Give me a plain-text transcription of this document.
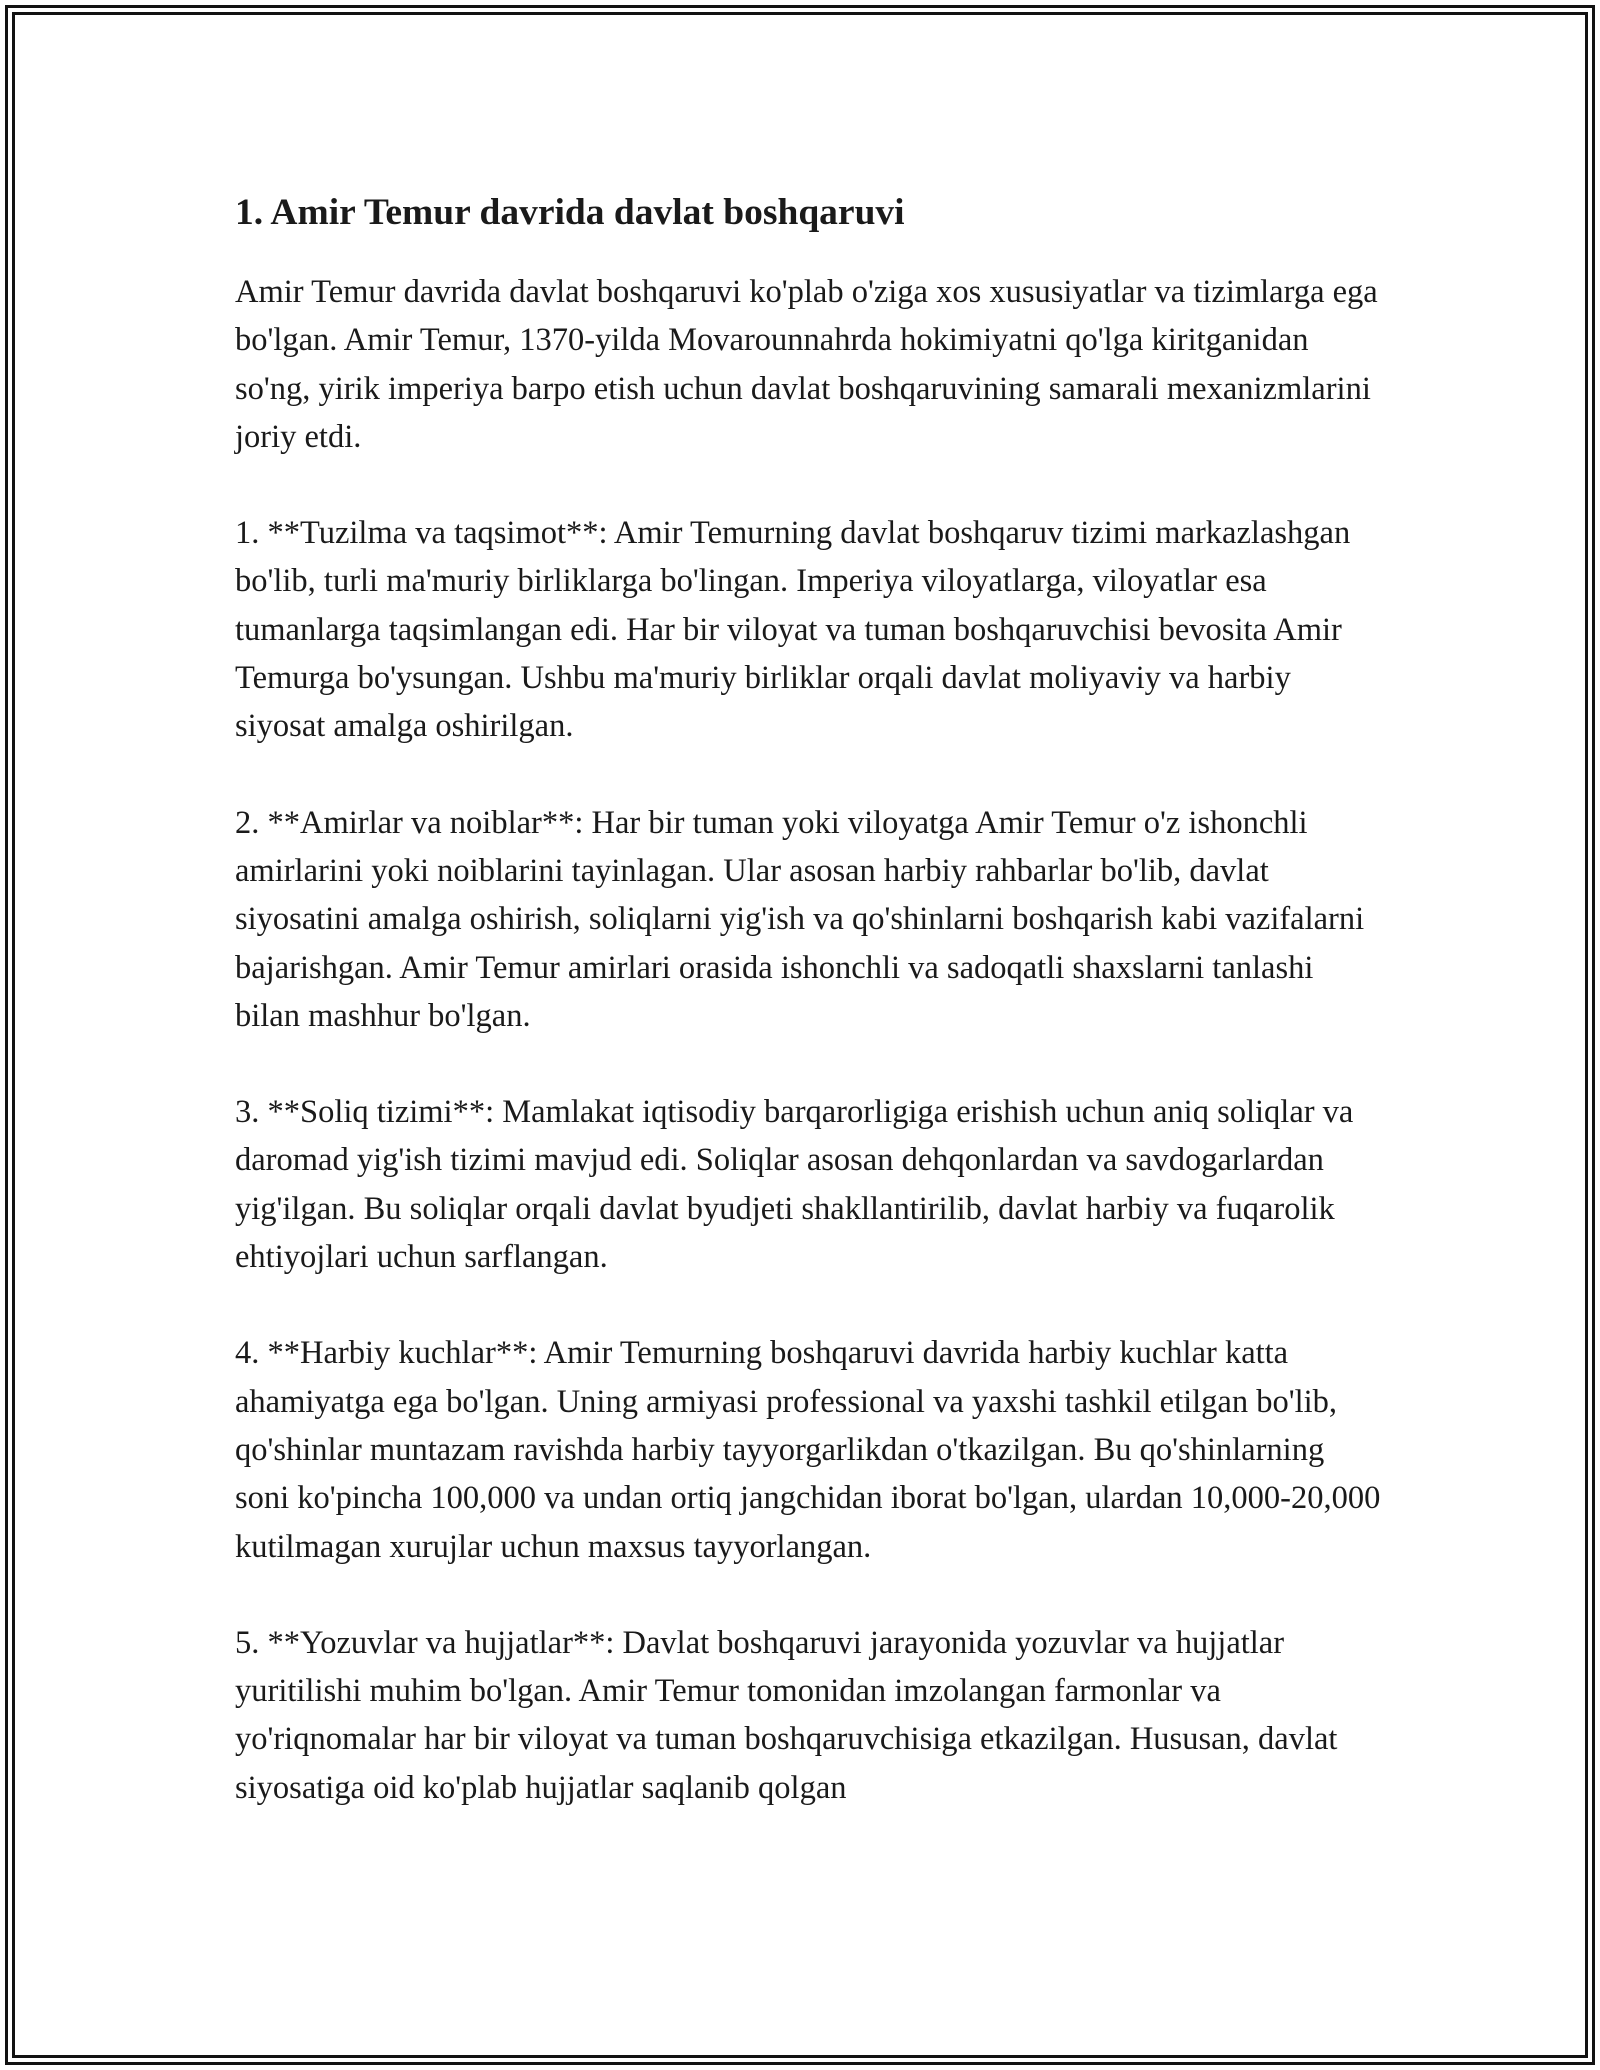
1. Amir Temur davrida davlat boshqaruvi

Amir Temur davrida davlat boshqaruvi ko'plab o'ziga xos xususiyatlar va tizimlarga ega bo'lgan. Amir Temur, 1370-yilda Movarounnahrda hokimiyatni qo'lga kiritganidan so'ng, yirik imperiya barpo etish uchun davlat boshqaruvining samarali mexanizmlarini joriy etdi.

1. **Tuzilma va taqsimot**: Amir Temurning davlat boshqaruv tizimi markazlashgan bo'lib, turli ma'muriy birliklarga bo'lingan. Imperiya viloyatlarga, viloyatlar esa tumanlarga taqsimlangan edi. Har bir viloyat va tuman boshqaruvchisi bevosita Amir Temurga bo'ysungan. Ushbu ma'muriy birliklar orqali davlat moliyaviy va harbiy siyosat amalga oshirilgan.

2. **Amirlar va noiblar**: Har bir tuman yoki viloyatga Amir Temur o'z ishonchli amirlarini yoki noiblarini tayinlagan. Ular asosan harbiy rahbarlar bo'lib, davlat siyosatini amalga oshirish, soliqlarni yig'ish va qo'shinlarni boshqarish kabi vazifalarni bajarishgan. Amir Temur amirlari orasida ishonchli va sadoqatli shaxslarni tanlashi bilan mashhur bo'lgan.

3. **Soliq tizimi**: Mamlakat iqtisodiy barqarorligiga erishish uchun aniq soliqlar va daromad yig'ish tizimi mavjud edi. Soliqlar asosan dehqonlardan va savdogarlardan yig'ilgan. Bu soliqlar orqali davlat byudjeti shakllantirilib, davlat harbiy va fuqarolik ehtiyojlari uchun sarflangan.

4. **Harbiy kuchlar**: Amir Temurning boshqaruvi davrida harbiy kuchlar katta ahamiyatga ega bo'lgan. Uning armiyasi professional va yaxshi tashkil etilgan bo'lib, qo'shinlar muntazam ravishda harbiy tayyorgarlikdan o'tkazilgan. Bu qo'shinlarning soni ko'pincha 100,000 va undan ortiq jangchidan iborat bo'lgan, ulardan 10,000-20,000 kutilmagan xurujlar uchun maxsus tayyorlangan.

5. **Yozuvlar va hujjatlar**: Davlat boshqaruvi jarayonida yozuvlar va hujjatlar yuritilishi muhim bo'lgan. Amir Temur tomonidan imzolangan farmonlar va yo'riqnomalar har bir viloyat va tuman boshqaruvchisiga etkazilgan. Hususan, davlat siyosatiga oid ko'plab hujjatlar saqlanib qolgan
